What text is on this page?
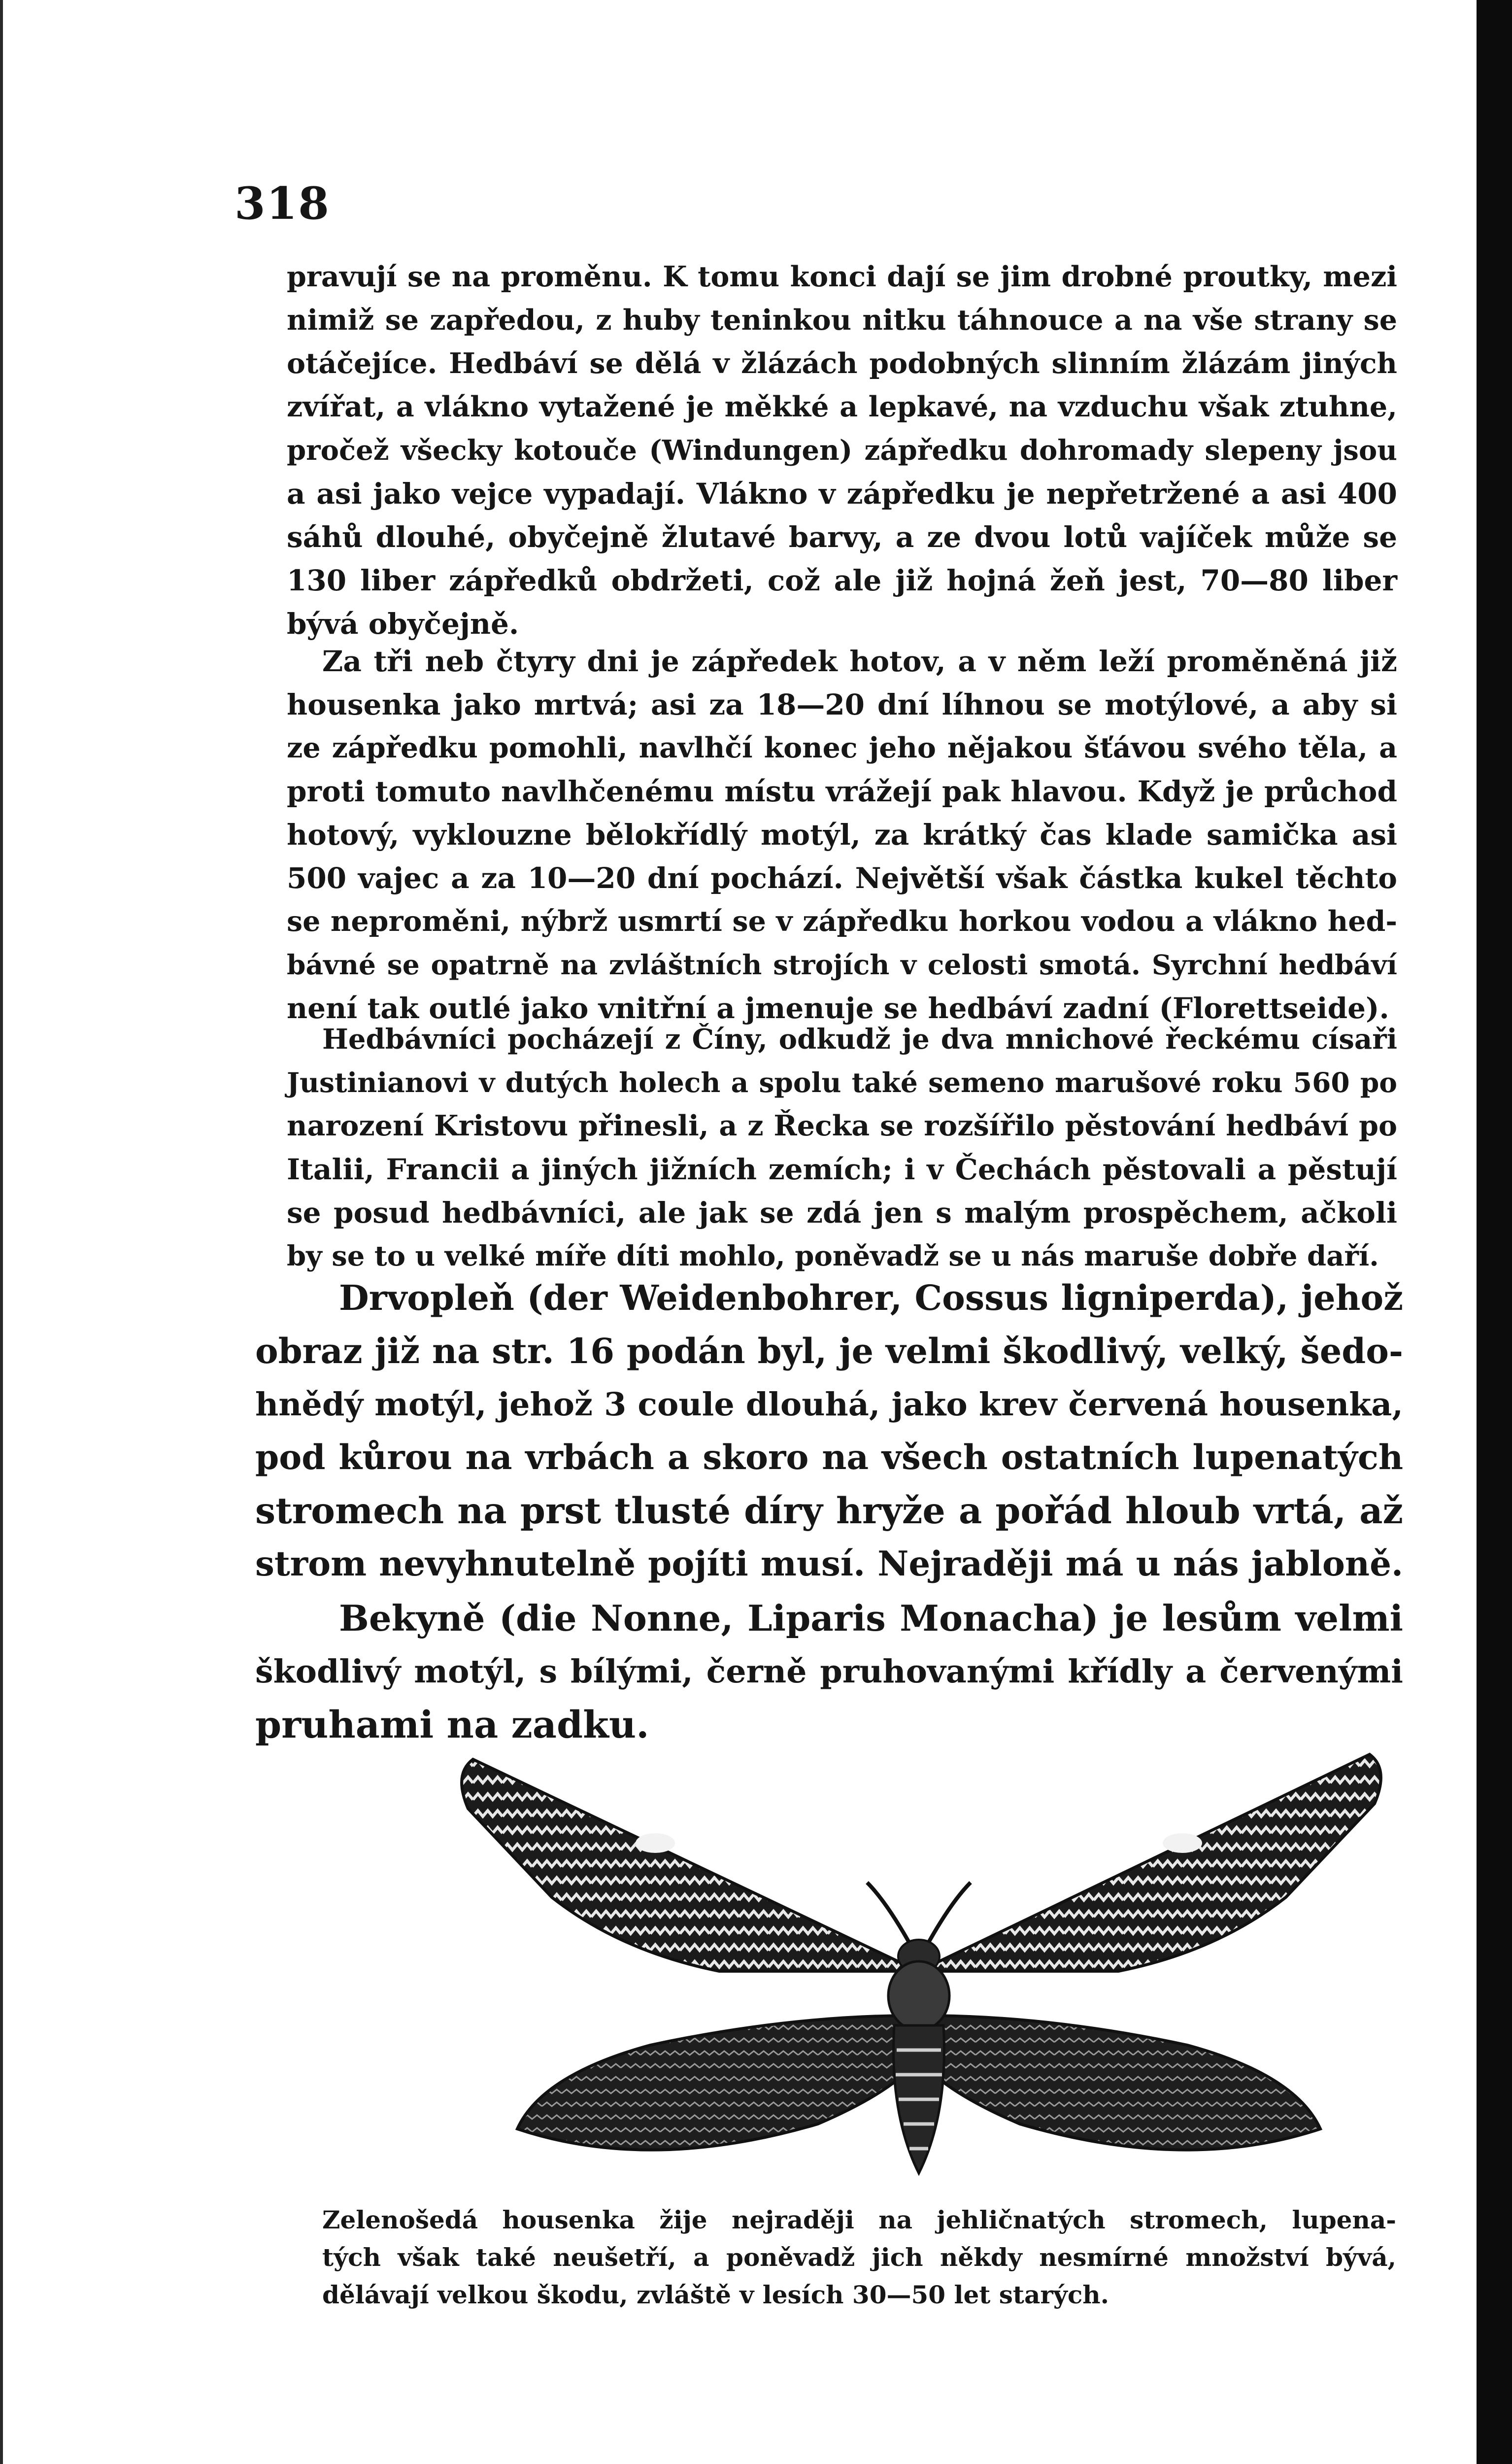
318
pravují se na proměnu. K tomu konci dají se jim drobné proutky, mezi
nimiž se zapředou, z huby teninkou nitku táhnouce a na vše strany se
otáčejíce. Hedbáví se dělá v žlázách podobných slinním žlázám jiných
zvířat, a vlákno vytažené je měkké a lepkavé, na vzduchu však ztuhne,
pročež všecky kotouče (Windungen) zápředku dohromady slepeny jsou
a asi jako vejce vypadají. Vlákno v zápředku je nepřetržené a asi 400
sáhů dlouhé, obyčejně žlutavé barvy, a ze dvou lotů vajíček může se
130 liber zápředků obdržeti, což ale již hojná žeň jest, 70—80 liber
bývá obyčejně.
Za tři neb čtyry dni je zápředek hotov, a v něm leží proměněná již
housenka jako mrtvá; asi za 18—20 dní líhnou se motýlové, a aby si
ze zápředku pomohli, navlhčí konec jeho nějakou šťávou svého těla, a
proti tomuto navlhčenému místu vrážejí pak hlavou. Když je průchod
hotový, vyklouzne bělokřídlý motýl, za krátký čas klade samička asi
500 vajec a za 10—20 dní pochází. Největší však částka kukel těchto
se neproměni, nýbrž usmrtí se v zápředku horkou vodou a vlákno hed-
bávné se opatrně na zvláštních strojích v celosti smotá. Syrchní hedbáví
není tak outlé jako vnitřní a jmenuje se hedbáví zadní (Florettseide).
Hedbávníci pocházejí z Číny, odkudž je dva mnichové řeckému císaři
Justinianovi v dutých holech a spolu také semeno marušové roku 560 po
narození Kristovu přinesli, a z Řecka se rozšířilo pěstování hedbáví po
Italii, Francii a jiných jižních zemích; i v Čechách pěstovali a pěstují
se posud hedbávníci, ale jak se zdá jen s malým prospěchem, ačkoli
by se to u velké míře díti mohlo, poněvadž se u nás maruše dobře daří.
Drvopleň (der Weidenbohrer, Cossus ligniperda), jehož
obraz již na str. 16 podán byl, je velmi škodlivý, velký, šedo-
hnědý motýl, jehož 3 coule dlouhá, jako krev červená housenka,
pod kůrou na vrbách a skoro na všech ostatních lupenatých
stromech na prst tlusté díry hryže a pořád hloub vrtá, až
strom nevyhnutelně pojíti musí. Nejraději má u nás jabloně.
Bekyně (die Nonne, Liparis Monacha) je lesům velmi
škodlivý motýl, s bílými, černě pruhovanými křídly a červenými
pruhami na zadku.
Zelenošedá housenka žije nejraději na jehličnatých stromech, lupena-
tých však také neušetří, a poněvadž jich někdy nesmírné množství bývá,
dělávají velkou škodu, zvláště v lesích 30—50 let starých.
